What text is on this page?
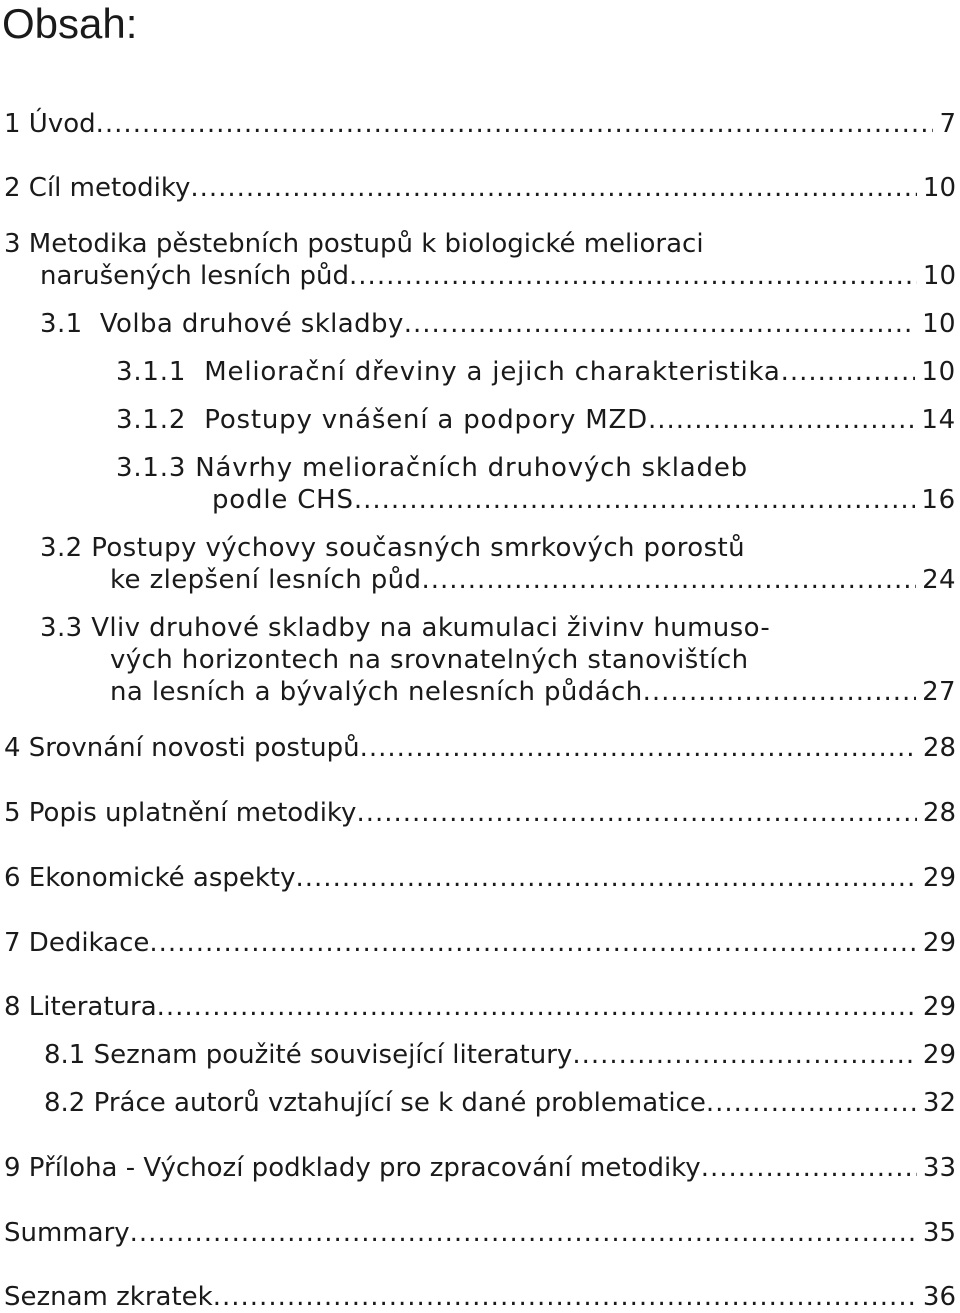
Obsah:
1 Úvod .....	7
2 Cíl metodiky .....	10
3 Metodika pěstebních postupů k biologické melioraci
narušených lesních půd .....	10
3.1  Volba druhové skladby .....	10
3.1.1  Meliorační dřeviny a jejich charakteristika .....	10
3.1.2  Postupy vnášení a podpory MZD .....	14
3.1.3 Návrhy melioračních druhových skladeb
podle CHS .....	16
3.2 Postupy výchovy současných smrkových porostů
ke zlepšení lesních půd .....	24
3.3 Vliv druhové skladby na akumulaci živinv humuso-
vých horizontech na srovnatelných stanovištích
na lesních a bývalých nelesních půdách .....	27
4 Srovnání novosti postupů .....	28
5 Popis uplatnění metodiky .....	28
6 Ekonomické aspekty .....	29
7 Dedikace .....	29
8 Literatura .....	29
8.1 Seznam použité související literatury .....	29
8.2 Práce autorů vztahující se k dané problematice .....	32
9 Příloha - Výchozí podklady pro zpracování metodiky .....	33
Summary .....	35
Seznam zkratek .....	36
